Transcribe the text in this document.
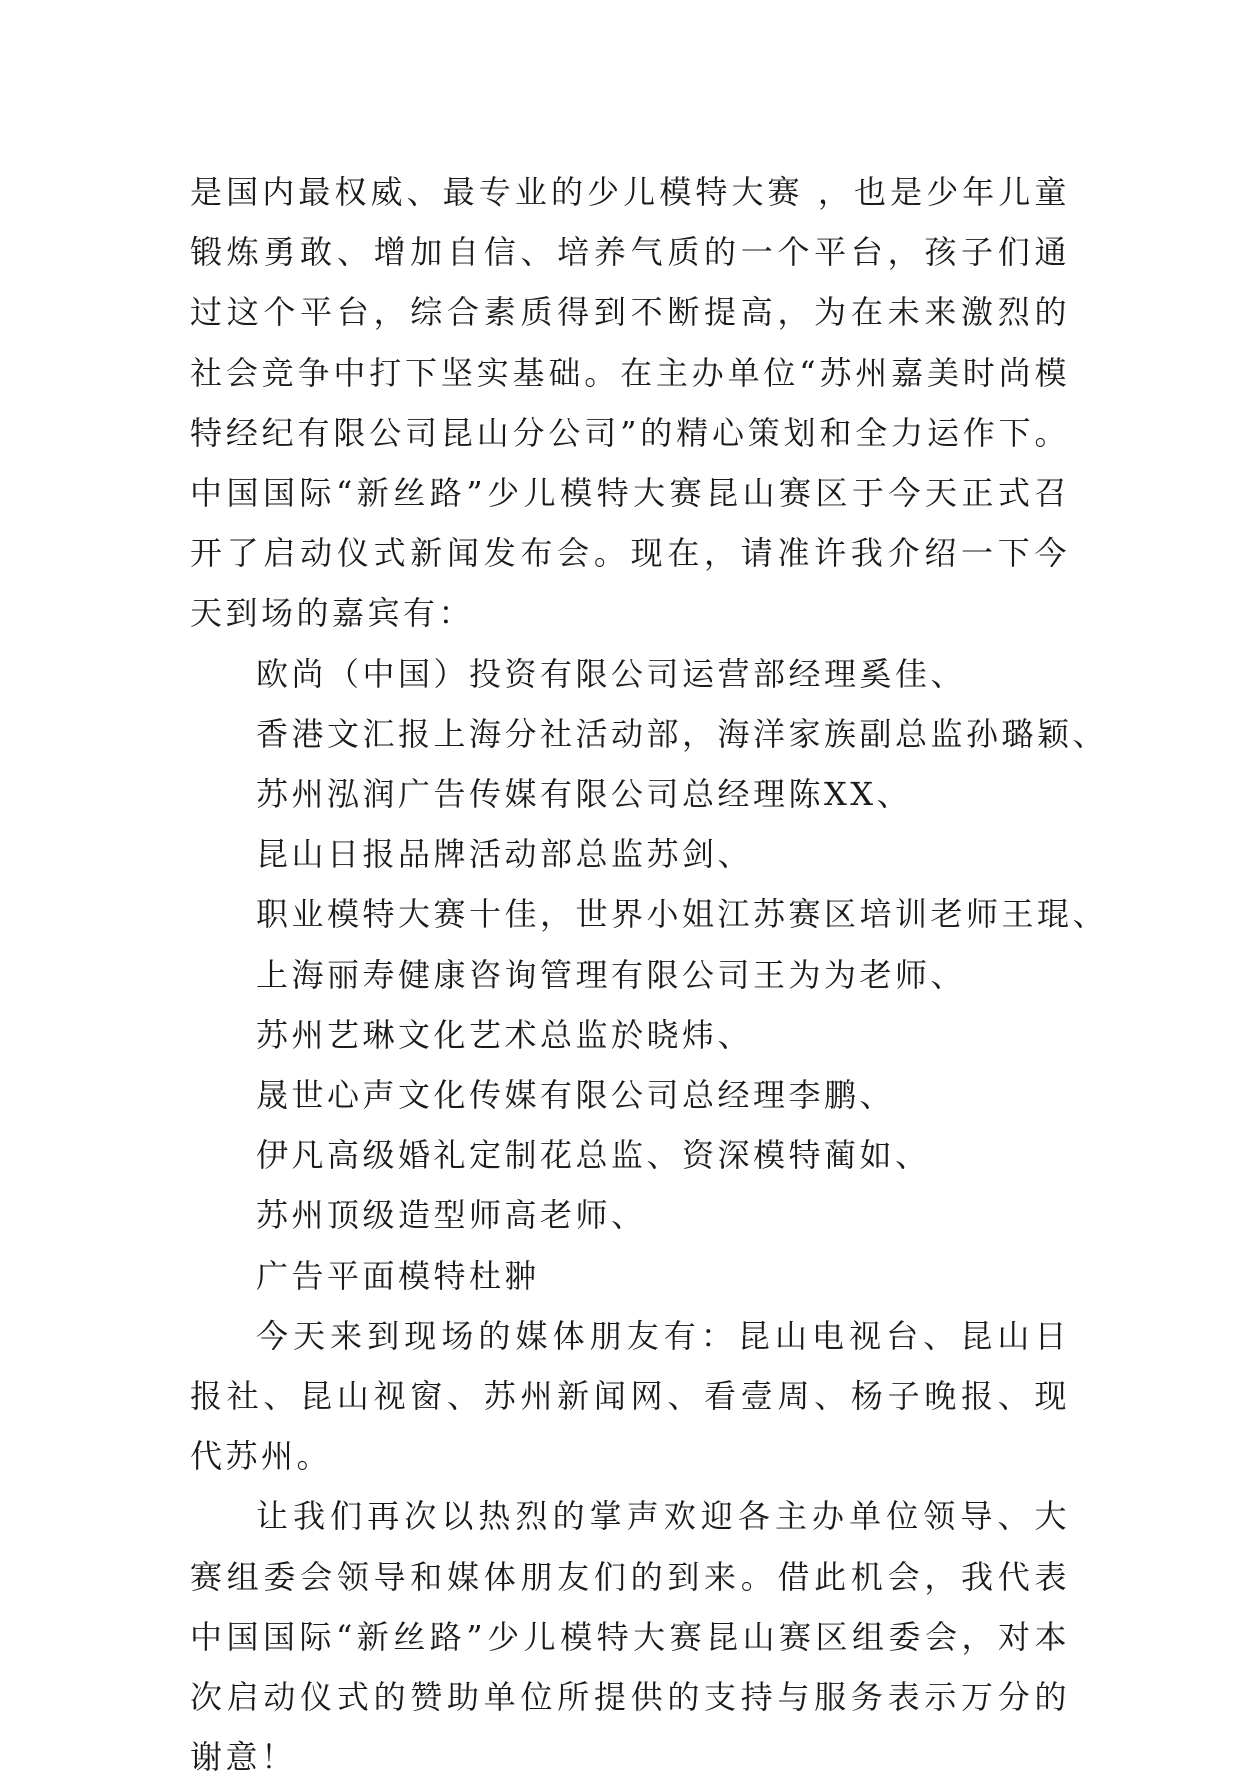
是国内最权威、最专业的少儿模特大赛 ，也是少年儿童锻炼勇敢、增加自信、培养气质的一个平台，孩子们通过这个平台，综合素质得到不断提高，为在未来激烈的社会竞争中打下坚实基础。在主办单位“苏州嘉美时尚模特经纪有限公司昆山分公司”的精心策划和全力运作下。中国国际“新丝路”少儿模特大赛昆山赛区于今天正式召开了启动仪式新闻发布会。现在，请准许我介绍一下今天到场的嘉宾有：

欧尚（中国）投资有限公司运营部经理奚佳、
香港文汇报上海分社活动部，海洋家族副总监孙璐颖、
苏州泓润广告传媒有限公司总经理陈XX、
昆山日报品牌活动部总监苏剑、
职业模特大赛十佳，世界小姐江苏赛区培训老师王琨、
上海丽寿健康咨询管理有限公司王为为老师、
苏州艺琳文化艺术总监於晓炜、
晟世心声文化传媒有限公司总经理李鹏、
伊凡高级婚礼定制花总监、资深模特蔺如、
苏州顶级造型师高老师、
广告平面模特杜翀

今天来到现场的媒体朋友有：昆山电视台、昆山日报社、昆山视窗、苏州新闻网、看壹周、杨子晚报、现代苏州。

让我们再次以热烈的掌声欢迎各主办单位领导、大赛组委会领导和媒体朋友们的到来。借此机会，我代表中国国际“新丝路”少儿模特大赛昆山赛区组委会，对本次启动仪式的赞助单位所提供的支持与服务表示万分的谢意！
